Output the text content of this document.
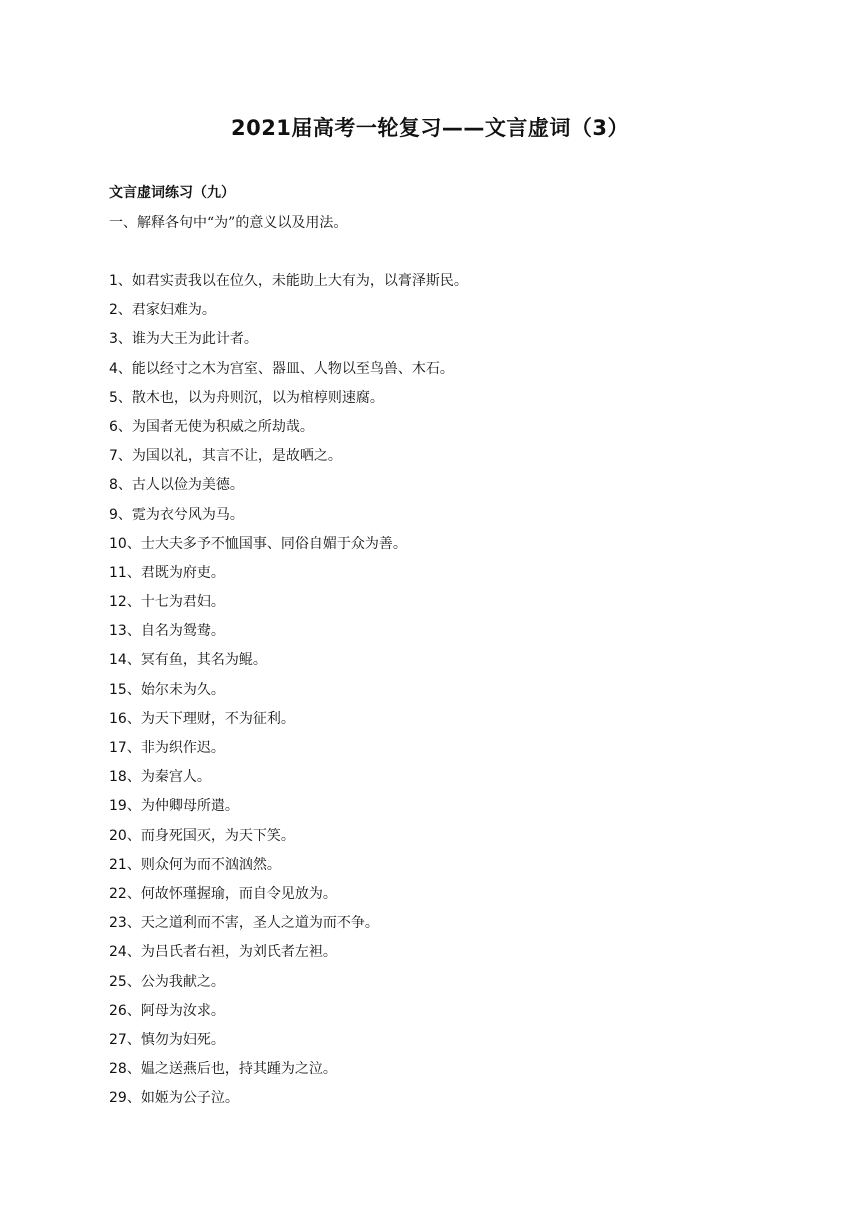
2021届高考一轮复习——文言虚词（3）
文言虚词练习（九）
一、解释各句中“为”的意义以及用法。
1、如君实责我以在位久，未能助上大有为，以膏泽斯民。
2、君家妇难为。
3、谁为大王为此计者。
4、能以经寸之木为宫室、器皿、人物以至鸟兽、木石。
5、散木也，以为舟则沉，以为棺椁则速腐。
6、为国者无使为积威之所劫哉。
7、为国以礼，其言不让，是故哂之。
8、古人以俭为美德。
9、霓为衣兮风为马。
10、士大夫多予不恤国事、同俗自媚于众为善。
11、君既为府吏。
12、十七为君妇。
13、自名为鸳鸯。
14、冥有鱼，其名为鲲。
15、始尔未为久。
16、为天下理财，不为征利。
17、非为织作迟。
18、为秦宫人。
19、为仲卿母所遣。
20、而身死国灭，为天下笑。
21、则众何为而不汹汹然。
22、何故怀瑾握瑜，而自令见放为。
23、天之道利而不害，圣人之道为而不争。
24、为吕氏者右袒，为刘氏者左袒。
25、公为我献之。
26、阿母为汝求。
27、慎勿为妇死。
28、媪之送燕后也，持其踵为之泣。
29、如姬为公子泣。
